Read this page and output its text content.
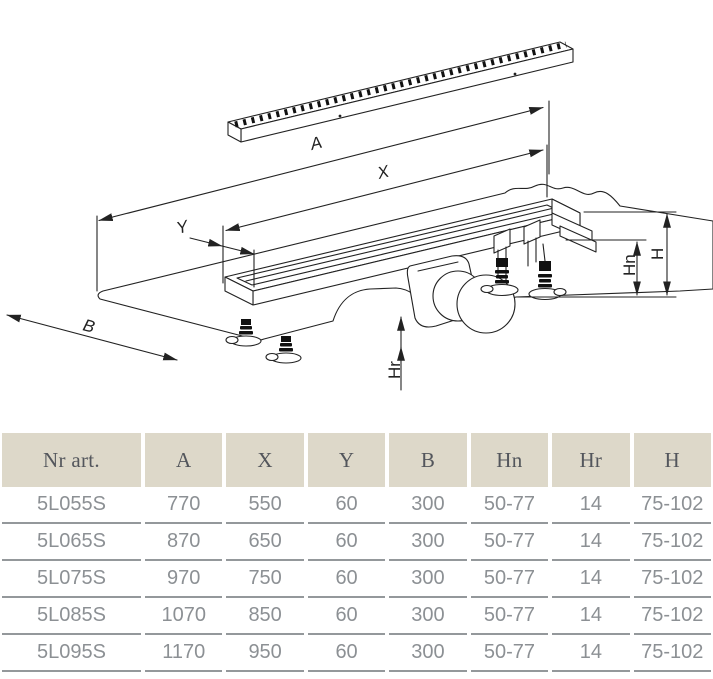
A
X
Y
B
H
Hn
Hr
Nr art.	A	X	Y	B	Hn	Hr	H
5L055S	770	550	60	300	50-77	14	75-102
5L065S	870	650	60	300	50-77	14	75-102
5L075S	970	750	60	300	50-77	14	75-102
5L085S	1070	850	60	300	50-77	14	75-102
5L095S	1170	950	60	300	50-77	14	75-102
